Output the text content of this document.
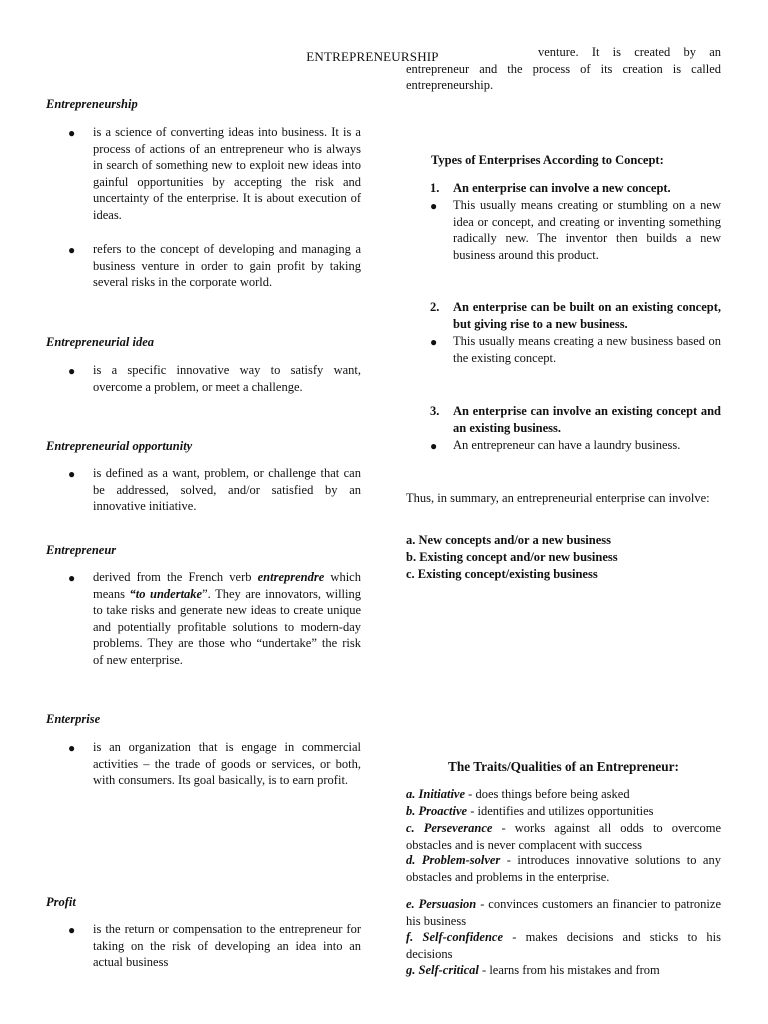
ENTREPRENEURSHIP
Entrepreneurship
● is a science of converting ideas into business. It is a process of actions of an entrepreneur who is always in search of something new to exploit new ideas into gainful opportunities by accepting the risk and uncertainty of the enterprise. It is about execution of ideas.
● refers to the concept of developing and managing a business venture in order to gain profit by taking several risks in the corporate world.
Entrepreneurial idea
● is a specific innovative way to satisfy want, overcome a problem, or meet a challenge.
Entrepreneurial opportunity
● is defined as a want, problem, or challenge that can be addressed, solved, and/or satisfied by an innovative initiative.
Entrepreneur
● derived from the French verb entreprendre which means “to undertake”. They are innovators, willing to take risks and generate new ideas to create unique and potentially profitable solutions to modern-day problems. They are those who “undertake” the risk of new enterprise.
Enterprise
● is an organization that is engage in commercial activities – the trade of goods or services, or both, with consumers. Its goal basically, is to earn profit.
Profit
● is the return or compensation to the entrepreneur for taking on the risk of developing an idea into an actual business
venture. It is created by an entrepreneur and the process of its creation is called entrepreneurship.
Types of Enterprises According to Concept:
1. An enterprise can involve a new concept.
● This usually means creating or stumbling on a new idea or concept, and creating or inventing something radically new. The inventor then builds a new business around this product.
2. An enterprise can be built on an existing concept, but giving rise to a new business.
● This usually means creating a new business based on the existing concept.
3. An enterprise can involve an existing concept and an existing business.
● An entrepreneur can have a laundry business.
Thus, in summary, an entrepreneurial enterprise can involve:
a. New concepts and/or a new business
b. Existing concept and/or new business
c. Existing concept/existing business
The Traits/Qualities of an Entrepreneur:
a. Initiative - does things before being asked
b. Proactive - identifies and utilizes opportunities
c. Perseverance - works against all odds to overcome obstacles and is never complacent with success
d. Problem-solver - introduces innovative solutions to any obstacles and problems in the enterprise.
e. Persuasion - convinces customers an financier to patronize his business
f. Self-confidence - makes decisions and sticks to his decisions
g. Self-critical - learns from his mistakes and from
